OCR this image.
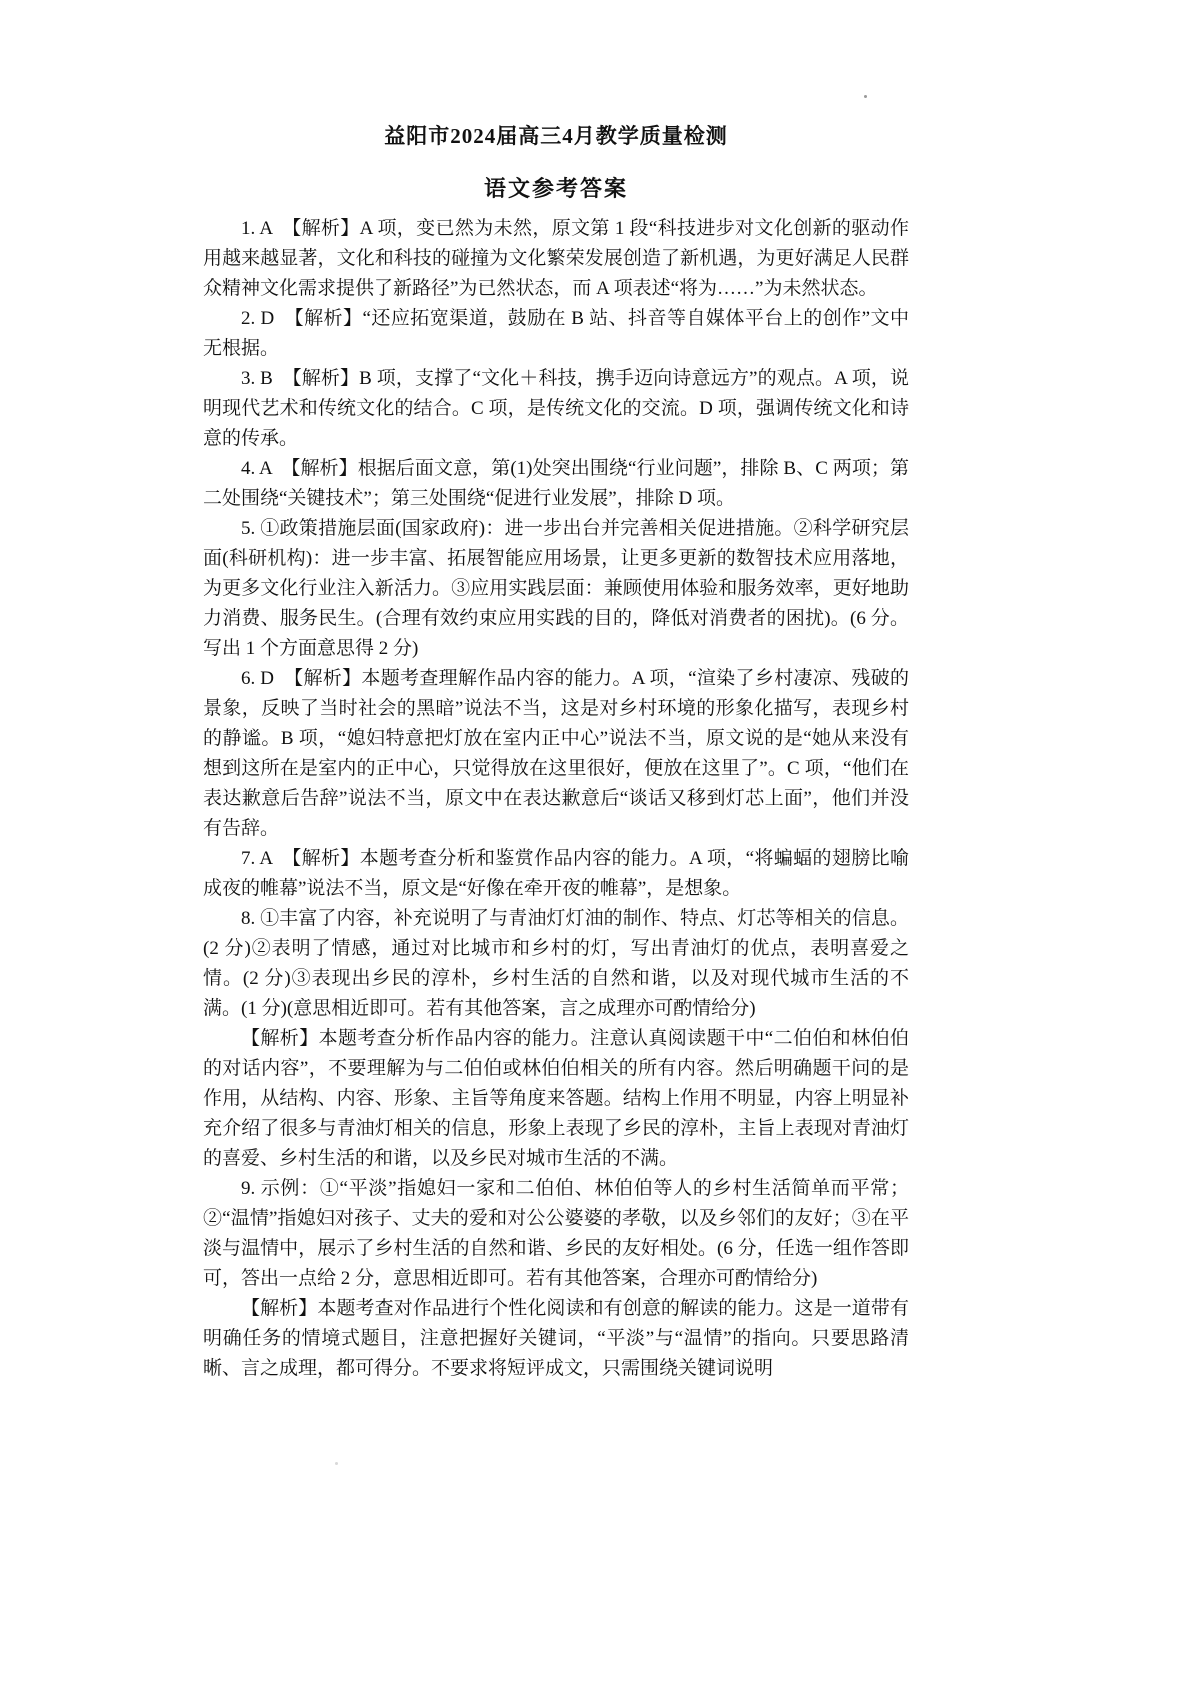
益阳市2024届高三4月教学质量检测
语文参考答案

1. A　【解析】A 项，变已然为未然，原文第 1 段“科技进步对文化创新的驱动作用越来越显著，文化和科技的碰撞为文化繁荣发展创造了新机遇，为更好满足人民群众精神文化需求提供了新路径”为已然状态，而 A 项表述“将为……”为未然状态。

2. D　【解析】“还应拓宽渠道，鼓励在 B 站、抖音等自媒体平台上的创作”文中无根据。

3. B　【解析】B 项，支撑了“文化＋科技，携手迈向诗意远方”的观点。A 项，说明现代艺术和传统文化的结合。C 项，是传统文化的交流。D 项，强调传统文化和诗意的传承。

4. A　【解析】根据后面文意，第(1)处突出围绕“行业问题”，排除 B、C 两项；第二处围绕“关键技术”；第三处围绕“促进行业发展”，排除 D 项。

5. ①政策措施层面(国家政府)：进一步出台并完善相关促进措施。②科学研究层面(科研机构)：进一步丰富、拓展智能应用场景，让更多更新的数智技术应用落地，为更多文化行业注入新活力。③应用实践层面：兼顾使用体验和服务效率，更好地助力消费、服务民生。(合理有效约束应用实践的目的，降低对消费者的困扰)。(6 分。写出 1 个方面意思得 2 分)

6. D　【解析】本题考查理解作品内容的能力。A 项，“渲染了乡村凄凉、残破的景象，反映了当时社会的黑暗”说法不当，这是对乡村环境的形象化描写，表现乡村的静谧。B 项，“媳妇特意把灯放在室内正中心”说法不当，原文说的是“她从来没有想到这所在是室内的正中心，只觉得放在这里很好，便放在这里了”。C 项，“他们在表达歉意后告辞”说法不当，原文中在表达歉意后“谈话又移到灯芯上面”，他们并没有告辞。

7. A　【解析】本题考查分析和鉴赏作品内容的能力。A 项，“将蝙蝠的翅膀比喻成夜的帷幕”说法不当，原文是“好像在牵开夜的帷幕”，是想象。

8. ①丰富了内容，补充说明了与青油灯灯油的制作、特点、灯芯等相关的信息。(2 分)②表明了情感，通过对比城市和乡村的灯，写出青油灯的优点，表明喜爱之情。(2 分)③表现出乡民的淳朴，乡村生活的自然和谐，以及对现代城市生活的不满。(1 分)(意思相近即可。若有其他答案，言之成理亦可酌情给分)

【解析】本题考查分析作品内容的能力。注意认真阅读题干中“二伯伯和林伯伯的对话内容”，不要理解为与二伯伯或林伯伯相关的所有内容。然后明确题干问的是作用，从结构、内容、形象、主旨等角度来答题。结构上作用不明显，内容上明显补充介绍了很多与青油灯相关的信息，形象上表现了乡民的淳朴，主旨上表现对青油灯的喜爱、乡村生活的和谐，以及乡民对城市生活的不满。

9. 示例：①“平淡”指媳妇一家和二伯伯、林伯伯等人的乡村生活简单而平常；②“温情”指媳妇对孩子、丈夫的爱和对公公婆婆的孝敬，以及乡邻们的友好；③在平淡与温情中，展示了乡村生活的自然和谐、乡民的友好相处。(6 分，任选一组作答即可，答出一点给 2 分，意思相近即可。若有其他答案，合理亦可酌情给分)

【解析】本题考查对作品进行个性化阅读和有创意的解读的能力。这是一道带有明确任务的情境式题目，注意把握好关键词，“平淡”与“温情”的指向。只要思路清晰、言之成理，都可得分。不要求将短评成文，只需围绕关键词说明
